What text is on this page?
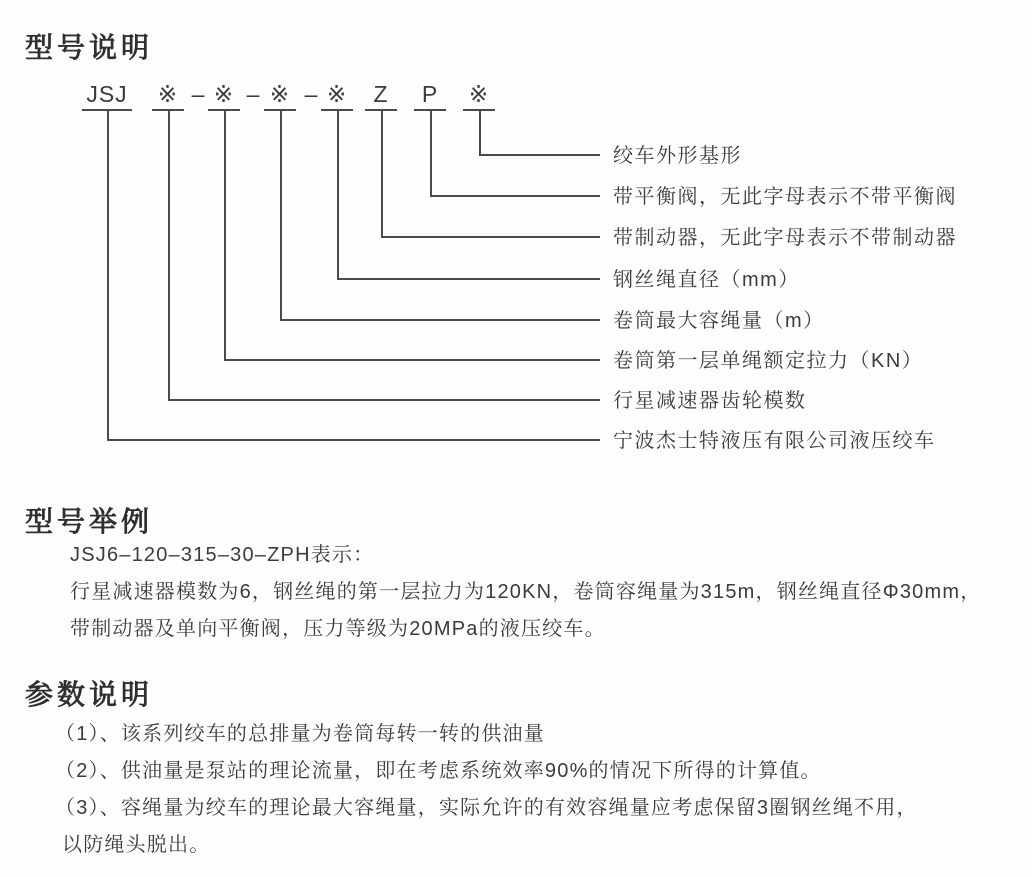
型号说明
JSJ ※ – ※ – ※ – ※	Z	P	※
绞车外形基形
带平衡阀，无此字母表示不带平衡阀
带制动器，无此字母表示不带制动器
钢丝绳直径（mm）
卷筒最大容绳量（m）
卷筒第一层单绳额定拉力（KN）
行星减速器齿轮模数
宁波杰士特液压有限公司液压绞车
型号举例
JSJ6–120–315–30–ZPH表示：
行星减速器模数为6，钢丝绳的第一层拉力为120KN，卷筒容绳量为315m，钢丝绳直径Φ30mm，
带制动器及单向平衡阀，压力等级为20MPa的液压绞车。
参数说明
（1）、该系列绞车的总排量为卷筒每转一转的供油量
（2）、供油量是泵站的理论流量，即在考虑系统效率90%的情况下所得的计算值。
（3）、容绳量为绞车的理论最大容绳量，实际允许的有效容绳量应考虑保留3圈钢丝绳不用，
以防绳头脱出。
